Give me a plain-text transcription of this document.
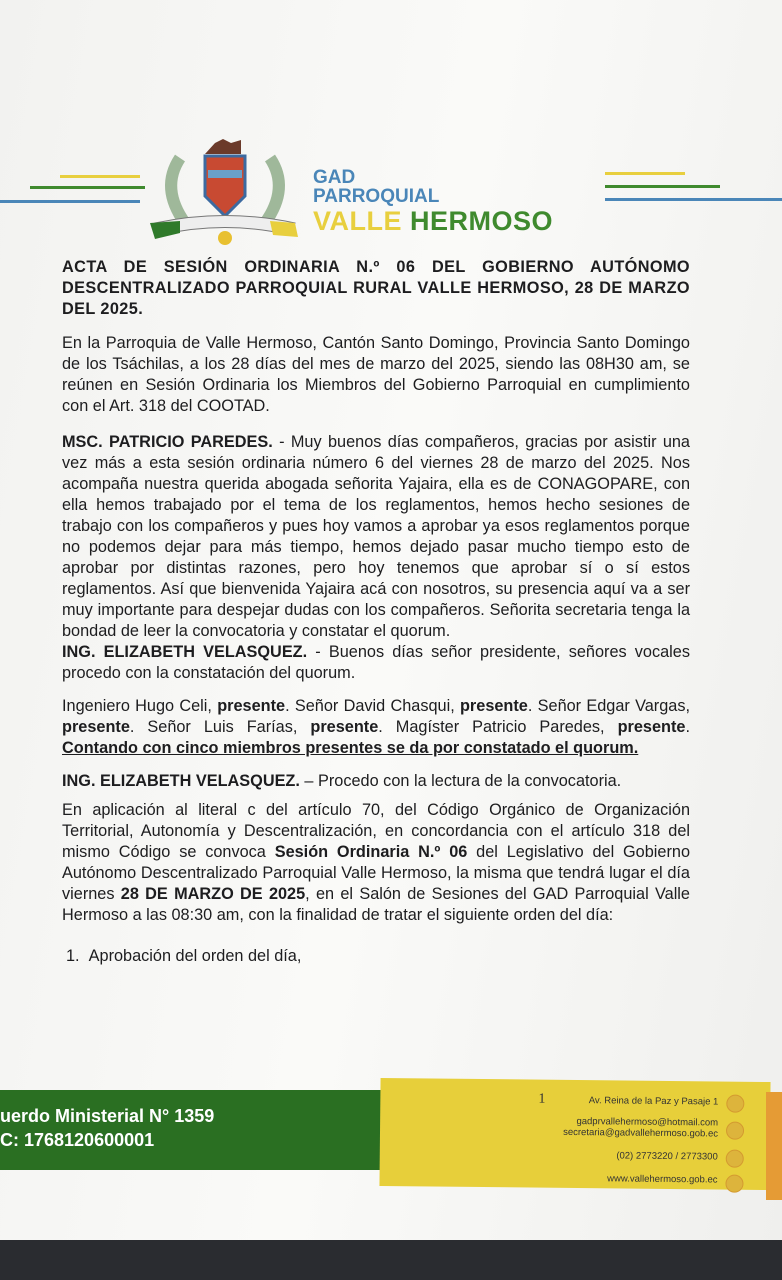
GAD
PARROQUIAL
VALLE HERMOSO
ACTA DE SESIÓN ORDINARIA N.º 06 DEL GOBIERNO AUTÓNOMO DESCENTRALIZADO PARROQUIAL RURAL VALLE HERMOSO, 28 DE MARZO DEL 2025.
En la Parroquia de Valle Hermoso, Cantón Santo Domingo, Provincia Santo Domingo de los Tsáchilas, a los 28 días del mes de marzo del 2025, siendo las 08H30 am, se reúnen en Sesión Ordinaria los Miembros del Gobierno Parroquial en cumplimiento con el Art. 318 del COOTAD.
MSC. PATRICIO PAREDES. - Muy buenos días compañeros, gracias por asistir una vez más a esta sesión ordinaria número 6 del viernes 28 de marzo del 2025. Nos acompaña nuestra querida abogada señorita Yajaira, ella es de CONAGOPARE, con ella hemos trabajado por el tema de los reglamentos, hemos hecho sesiones de trabajo con los compañeros y pues hoy vamos a aprobar ya esos reglamentos porque no podemos dejar para más tiempo, hemos dejado pasar mucho tiempo esto de aprobar por distintas razones, pero hoy tenemos que aprobar sí o sí estos reglamentos. Así que bienvenida Yajaira acá con nosotros, su presencia aquí va a ser muy importante para despejar dudas con los compañeros. Señorita secretaria tenga la bondad de leer la convocatoria y constatar el quorum.
ING. ELIZABETH VELASQUEZ. - Buenos días señor presidente, señores vocales procedo con la constatación del quorum.
Ingeniero Hugo Celi, presente. Señor David Chasqui, presente. Señor Edgar Vargas, presente. Señor Luis Farías, presente. Magíster Patricio Paredes, presente. Contando con cinco miembros presentes se da por constatado el quorum.
ING. ELIZABETH VELASQUEZ. – Procedo con la lectura de la convocatoria.
En aplicación al literal c del artículo 70, del Código Orgánico de Organización Territorial, Autonomía y Descentralización, en concordancia con el artículo 318 del mismo Código se convoca Sesión Ordinaria N.º 06 del Legislativo del Gobierno Autónomo Descentralizado Parroquial Valle Hermoso, la misma que tendrá lugar el día viernes 28 DE MARZO DE 2025, en el Salón de Sesiones del GAD Parroquial Valle Hermoso a las 08:30 am, con la finalidad de tratar el siguiente orden del día:
1. Aprobación del orden del día,
uerdo Ministerial N° 1359
C: 1768120600001
Av. Reina de la Paz y Pasaje 1
1
gadprvallehermoso@hotmail.com
secretaria@gadvallehermoso.gob.ec
(02) 2773220 / 2773300
www.vallehermoso.gob.ec
